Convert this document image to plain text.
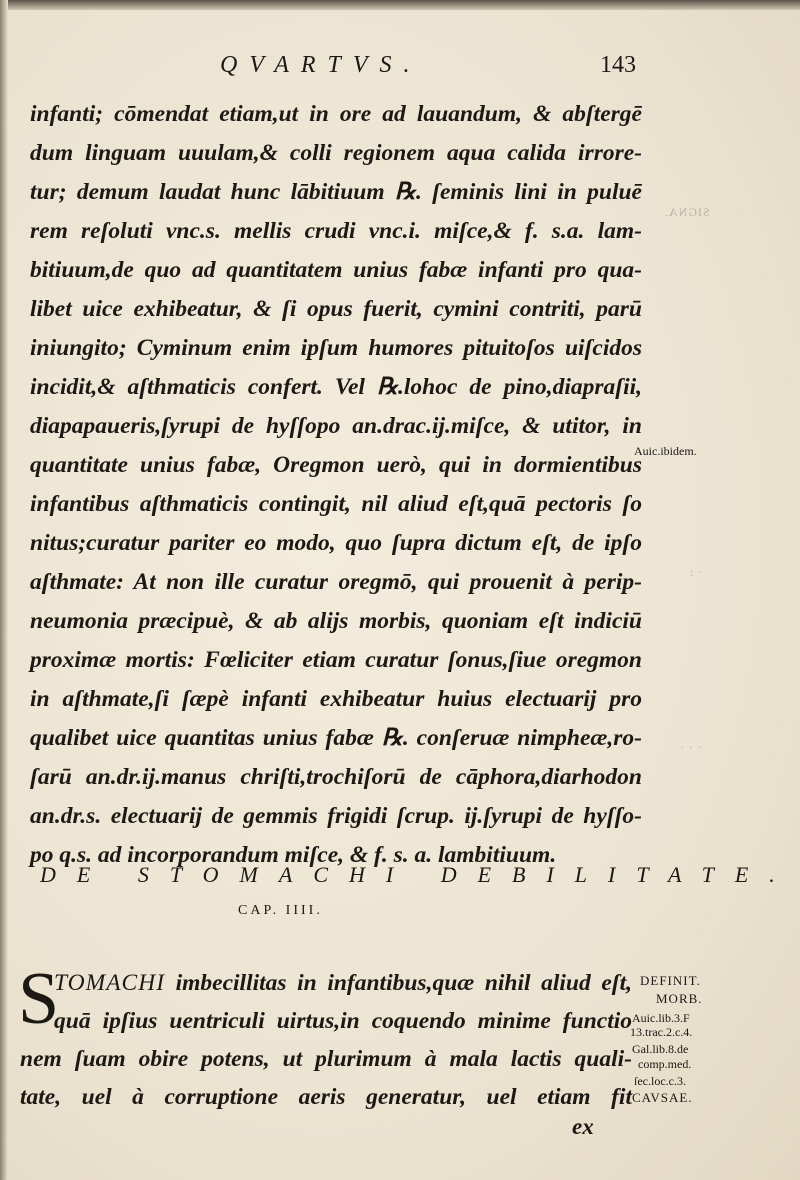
QVARTVS.	143
infanti; cōmendat etiam,ut in ore ad lauandum, & abſtergē
dum linguam uuulam,& colli regionem aqua calida irrore-
tur; demum laudat hunc lābitiuum ℞. ſeminis lini in puluē
rem reſoluti vnc.s. mellis crudi vnc.i. miſce,& f. s.a. lam-
bitiuum,de quo ad quantitatem unius fabæ infanti pro qua-
libet uice exhibeatur, & ſi opus fuerit, cymini contriti, parū
iniungito; Cyminum enim ipſum humores pituitoſos uiſcidos
incidit,& aſthmaticis confert. Vel ℞.lohoc de pino,diapraſii,
diapapaueris,ſyrupi de hyſſopo an.drac.ij.miſce, & utitor, in
quantitate unius fabæ, Oregmon uerò, qui in dormientibus
infantibus aſthmaticis contingit, nil aliud eſt,quā pectoris ſo
nitus;curatur pariter eo modo, quo ſupra dictum eſt, de ipſo
aſthmate: At non ille curatur oregmō, qui prouenit à perip-
neumonia præcipuè, & ab alijs morbis, quoniam eſt indiciū
proximæ mortis: Fœliciter etiam curatur ſonus,ſiue oregmon
in aſthmate,ſi ſæpè infanti exhibeatur huius electuarij pro
qualibet uice quantitas unius fabæ ℞. conſeruæ nimpheæ,ro-
ſarū an.dr.ij.manus chriſti,trochiſorū de cāphora,diarhodon
an.dr.s. electuarij de gemmis frigidi ſcrup. ij.ſyrupi de hyſſo-
po q.s. ad incorporandum miſce, & f. s. a. lambitiuum.
DE STOMACHI DEBILITATE.
CAP. IIII.
S
TOMACHI imbecillitas in infantibus,quæ nihil aliud eſt,
quā ipſius uentriculi uirtus,in coquendo minime functio
nem ſuam obire potens, ut plurimum à mala lactis quali-
tate, uel à corruptione aeris generatur, uel etiam fit
ex
Auic.ibidem.
DEFINIT.
MORB.
Auic.lib.3.F
13.trac.2.c.4.
Gal.lib.8.de
comp.med.
ſec.loc.c.3.
CAVSAE.
SIGNA.
· · ·
: ·
